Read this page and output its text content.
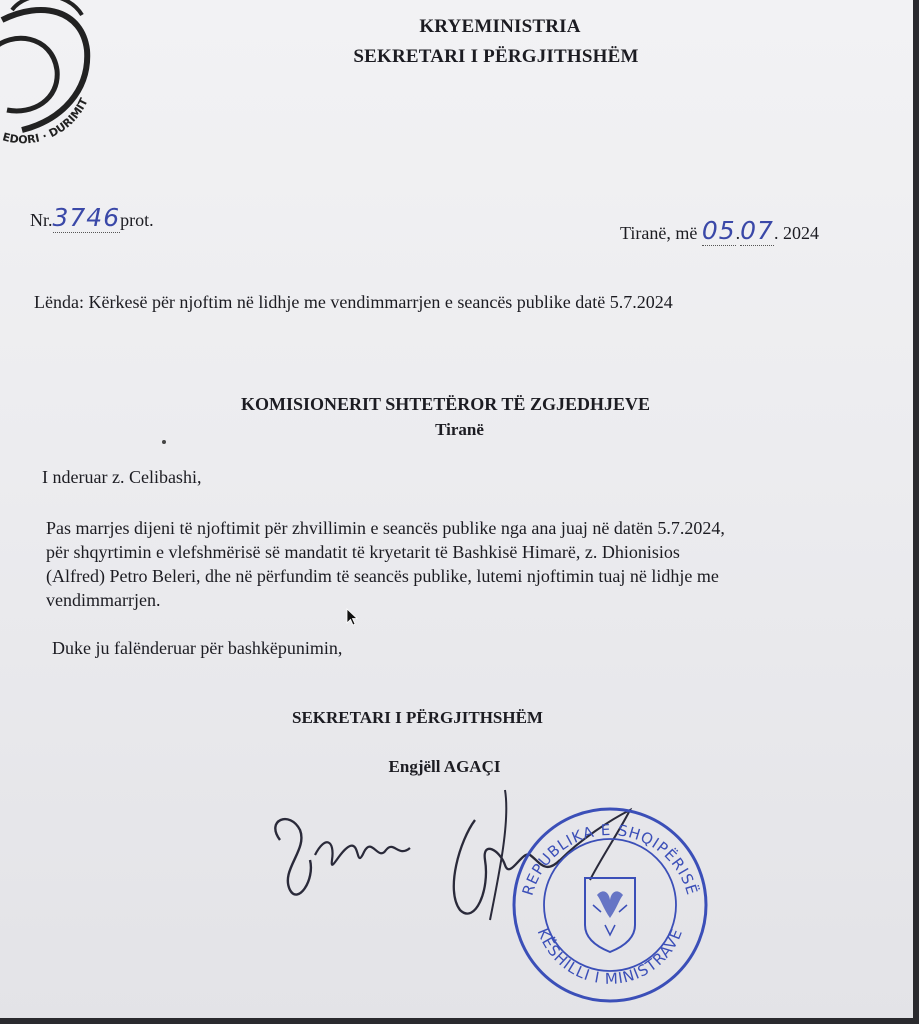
EDORI · DURIMIT
KRYEMINISTRIA
SEKRETARI I PËRGJITHSHËM
Nr.3746prot.
Tiranë, më 05.07. 2024
Lënda: Kërkesë për njoftim në lidhje me vendimmarrjen e seancës publike datë 5.7.2024
KOMISIONERIT SHTETËROR TË ZGJEDHJEVE
Tiranë
I nderuar z. Celibashi,
Pas marrjes dijeni të njoftimit për zhvillimin e seancës publike nga ana juaj në datën 5.7.2024,
për shqyrtimin e vlefshmërisë së mandatit të kryetarit të Bashkisë Himarë, z. Dhionisios
(Alfred) Petro Beleri, dhe në përfundim të seancës publike, lutemi njoftimin tuaj në lidhje me
vendimmarrjen.
Duke ju falënderuar për bashkëpunimin,
SEKRETARI I PËRGJITHSHËM
Engjëll AGAÇI
REPUBLIKA E SHQIPËRISË
KËSHILLI I MINISTRAVE
